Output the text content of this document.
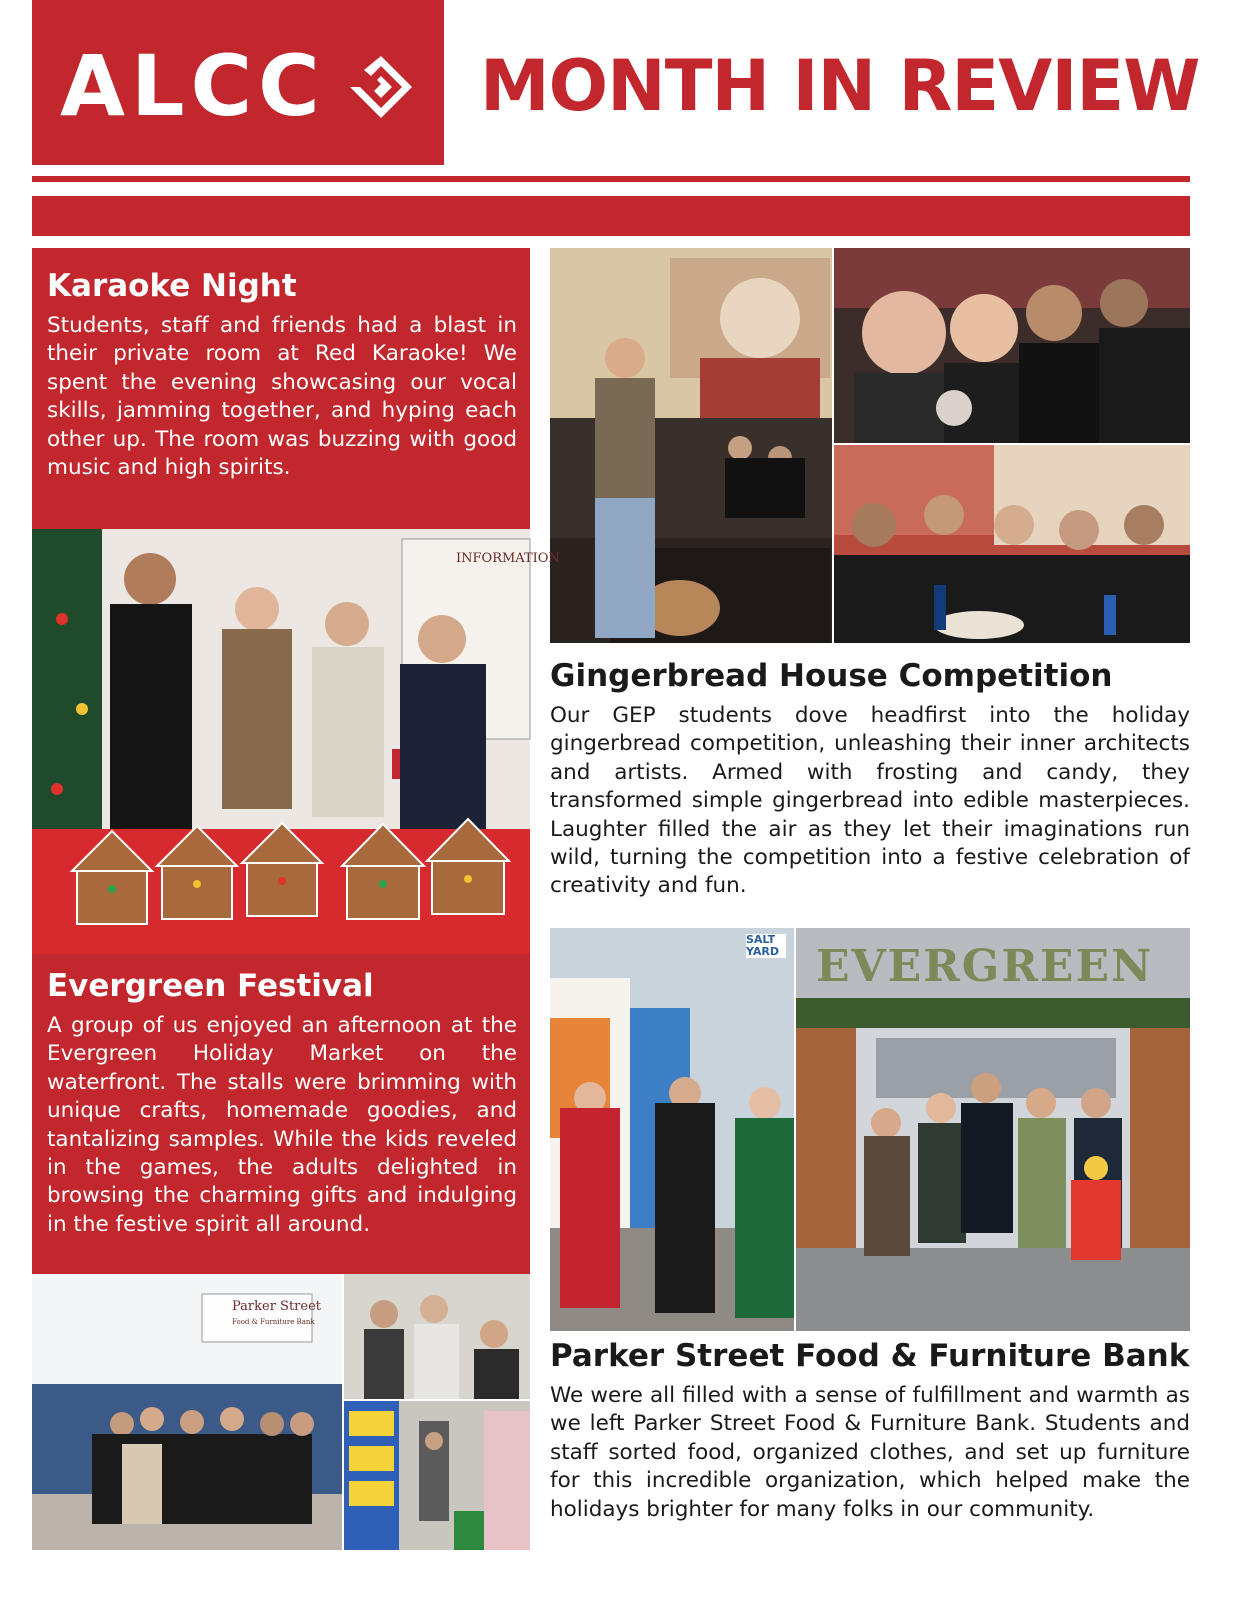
ALCC MONTH IN REVIEW
Karaoke Night

Students, staff and friends had a blast in their private room at Red Karaoke! We spent the evening showcasing our vocal skills, jamming together, and hyping each other up. The room was buzzing with good music and high spirits.

Gingerbread House Competition

Our GEP students dove headfirst into the holiday gingerbread competition, unleashing their inner architects and artists. Armed with frosting and candy, they transformed simple gingerbread into edible masterpieces. Laughter filled the air as they let their imaginations run wild, turning the competition into a festive celebration of creativity and fun.

INFORMATION
Evergreen Festival

A group of us enjoyed an afternoon at the Evergreen Holiday Market on the waterfront. The stalls were brimming with unique crafts, homemade goodies, and tantalizing samples. While the kids reveled in the games, the adults delighted in browsing the charming gifts and indulging in the festive spirit all around.

SALT YARD EVERGREEN
Parker Street Food & Furniture Bank

We were all filled with a sense of fulfillment and warmth as we left Parker Street Food & Furniture Bank. Students and staff sorted food, organized clothes, and set up furniture for this incredible organization, which helped make the holidays brighter for many folks in our community.

Parker Street
Food & Furniture Bank
